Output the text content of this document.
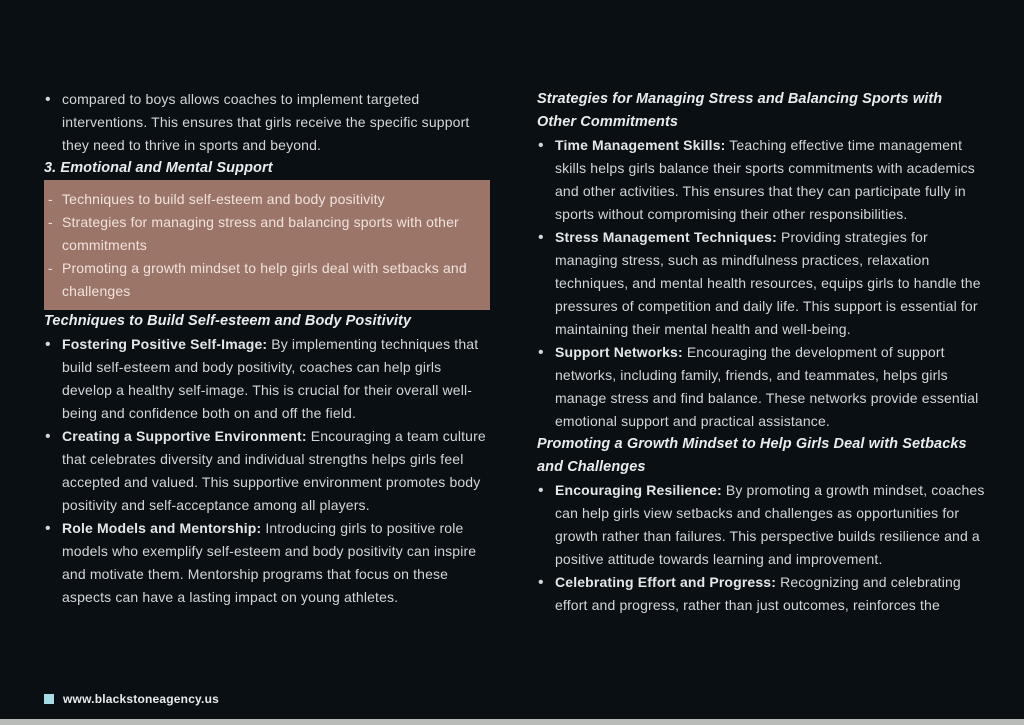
• compared to boys allows coaches to implement targeted interventions. This ensures that girls receive the specific support they need to thrive in sports and beyond.
3. Emotional and Mental Support
- Techniques to build self-esteem and body positivity
- Strategies for managing stress and balancing sports with other commitments
- Promoting a growth mindset to help girls deal with setbacks and challenges
Techniques to Build Self-esteem and Body Positivity
• Fostering Positive Self-Image: By implementing techniques that build self-esteem and body positivity, coaches can help girls develop a healthy self-image. This is crucial for their overall well-being and confidence both on and off the field.
• Creating a Supportive Environment: Encouraging a team culture that celebrates diversity and individual strengths helps girls feel accepted and valued. This supportive environment promotes body positivity and self-acceptance among all players.
• Role Models and Mentorship: Introducing girls to positive role models who exemplify self-esteem and body positivity can inspire and motivate them. Mentorship programs that focus on these aspects can have a lasting impact on young athletes.
Strategies for Managing Stress and Balancing Sports with Other Commitments
• Time Management Skills: Teaching effective time management skills helps girls balance their sports commitments with academics and other activities. This ensures that they can participate fully in sports without compromising their other responsibilities.
• Stress Management Techniques: Providing strategies for managing stress, such as mindfulness practices, relaxation techniques, and mental health resources, equips girls to handle the pressures of competition and daily life. This support is essential for maintaining their mental health and well-being.
• Support Networks: Encouraging the development of support networks, including family, friends, and teammates, helps girls manage stress and find balance. These networks provide essential emotional support and practical assistance.
Promoting a Growth Mindset to Help Girls Deal with Setbacks and Challenges
• Encouraging Resilience: By promoting a growth mindset, coaches can help girls view setbacks and challenges as opportunities for growth rather than failures. This perspective builds resilience and a positive attitude towards learning and improvement.
• Celebrating Effort and Progress: Recognizing and celebrating effort and progress, rather than just outcomes, reinforces the
www.blackstoneagency.us
